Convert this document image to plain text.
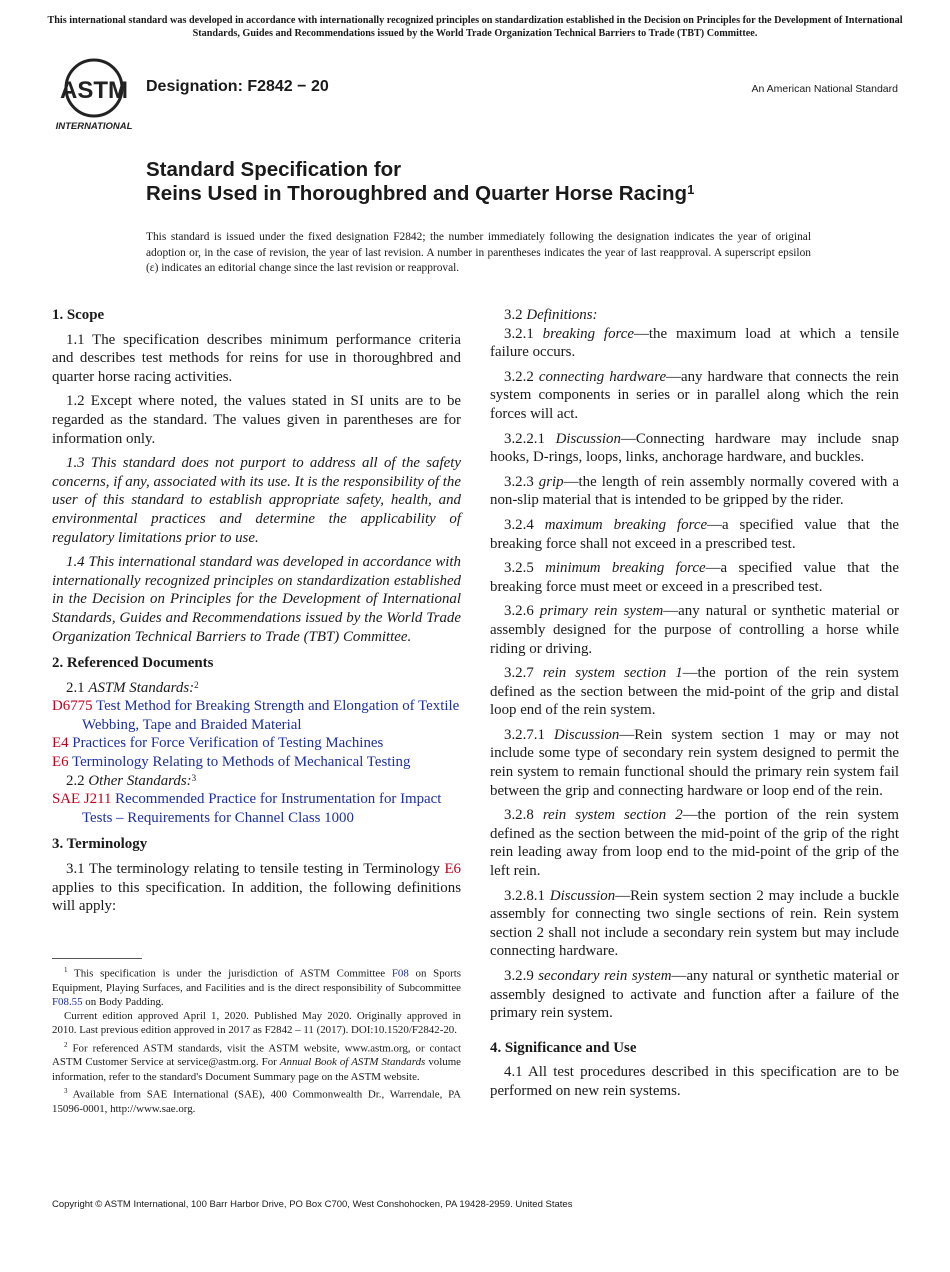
This international standard was developed in accordance with internationally recognized principles on standardization established in the Decision on Principles for the Development of International Standards, Guides and Recommendations issued by the World Trade Organization Technical Barriers to Trade (TBT) Committee.
ASTM
INTERNATIONAL
Designation: F2842 − 20	An American National Standard
Standard Specification for
Reins Used in Thoroughbred and Quarter Horse Racing$^1$
This standard is issued under the fixed designation F2842; the number immediately following the designation indicates the year of original adoption or, in the case of revision, the year of last revision. A number in parentheses indicates the year of last reapproval. A superscript epsilon (ε) indicates an editorial change since the last revision or reapproval.

1. Scope

1.1 The specification describes minimum performance criteria and describes test methods for reins for use in thoroughbred and quarter horse racing activities.

1.2 Except where noted, the values stated in SI units are to be regarded as the standard. The values given in parentheses are for information only.

1.3 This standard does not purport to address all of the safety concerns, if any, associated with its use. It is the responsibility of the user of this standard to establish appropriate safety, health, and environmental practices and determine the applicability of regulatory limitations prior to use.

1.4 This international standard was developed in accordance with internationally recognized principles on standardization established in the Decision on Principles for the Development of International Standards, Guides and Recommendations issued by the World Trade Organization Technical Barriers to Trade (TBT) Committee.

2. Referenced Documents

2.1 ASTM Standards:$^2$

D6775 Test Method for Breaking Strength and Elongation of Textile Webbing, Tape and Braided Material

E4 Practices for Force Verification of Testing Machines

E6 Terminology Relating to Methods of Mechanical Testing

2.2 Other Standards:$^3$

SAE J211 Recommended Practice for Instrumentation for Impact Tests – Requirements for Channel Class 1000

3. Terminology

3.1 The terminology relating to tensile testing in Terminology E6 applies to this specification. In addition, the following definitions will apply:

$^1$ This specification is under the jurisdiction of ASTM Committee F08 on Sports Equipment, Playing Surfaces, and Facilities and is the direct responsibility of Subcommittee F08.55 on Body Padding.

Current edition approved April 1, 2020. Published May 2020. Originally approved in 2010. Last previous edition approved in 2017 as F2842 – 11 (2017). DOI:10.1520/F2842-20.

$^2$ For referenced ASTM standards, visit the ASTM website, www.astm.org, or contact ASTM Customer Service at service@astm.org. For Annual Book of ASTM Standards volume information, refer to the standard's Document Summary page on the ASTM website.

$^3$ Available from SAE International (SAE), 400 Commonwealth Dr., Warrendale, PA 15096-0001, http://www.sae.org.

3.2 Definitions:

3.2.1 breaking force—the maximum load at which a tensile failure occurs.

3.2.2 connecting hardware—any hardware that connects the rein system components in series or in parallel along which the rein forces will act.

3.2.2.1 Discussion—Connecting hardware may include snap hooks, D-rings, loops, links, anchorage hardware, and buckles.

3.2.3 grip—the length of rein assembly normally covered with a non-slip material that is intended to be gripped by the rider.

3.2.4 maximum breaking force—a specified value that the breaking force shall not exceed in a prescribed test.

3.2.5 minimum breaking force—a specified value that the breaking force must meet or exceed in a prescribed test.

3.2.6 primary rein system—any natural or synthetic material or assembly designed for the purpose of controlling a horse while riding or driving.

3.2.7 rein system section 1—the portion of the rein system defined as the section between the mid-point of the grip and distal loop end of the rein system.

3.2.7.1 Discussion—Rein system section 1 may or may not include some type of secondary rein system designed to permit the rein system to remain functional should the primary rein system fail between the grip and connecting hardware or loop end of the rein.

3.2.8 rein system section 2—the portion of the rein system defined as the section between the mid-point of the grip of the right rein leading away from loop end to the mid-point of the grip of the left rein.

3.2.8.1 Discussion—Rein system section 2 may include a buckle assembly for connecting two single sections of rein. Rein system section 2 shall not include a secondary rein system but may include connecting hardware.

3.2.9 secondary rein system—any natural or synthetic material or assembly designed to activate and function after a failure of the primary rein system.

4. Significance and Use

4.1 All test procedures described in this specification are to be performed on new rein systems.

Copyright © ASTM International, 100 Barr Harbor Drive, PO Box C700, West Conshohocken, PA 19428-2959. United States
